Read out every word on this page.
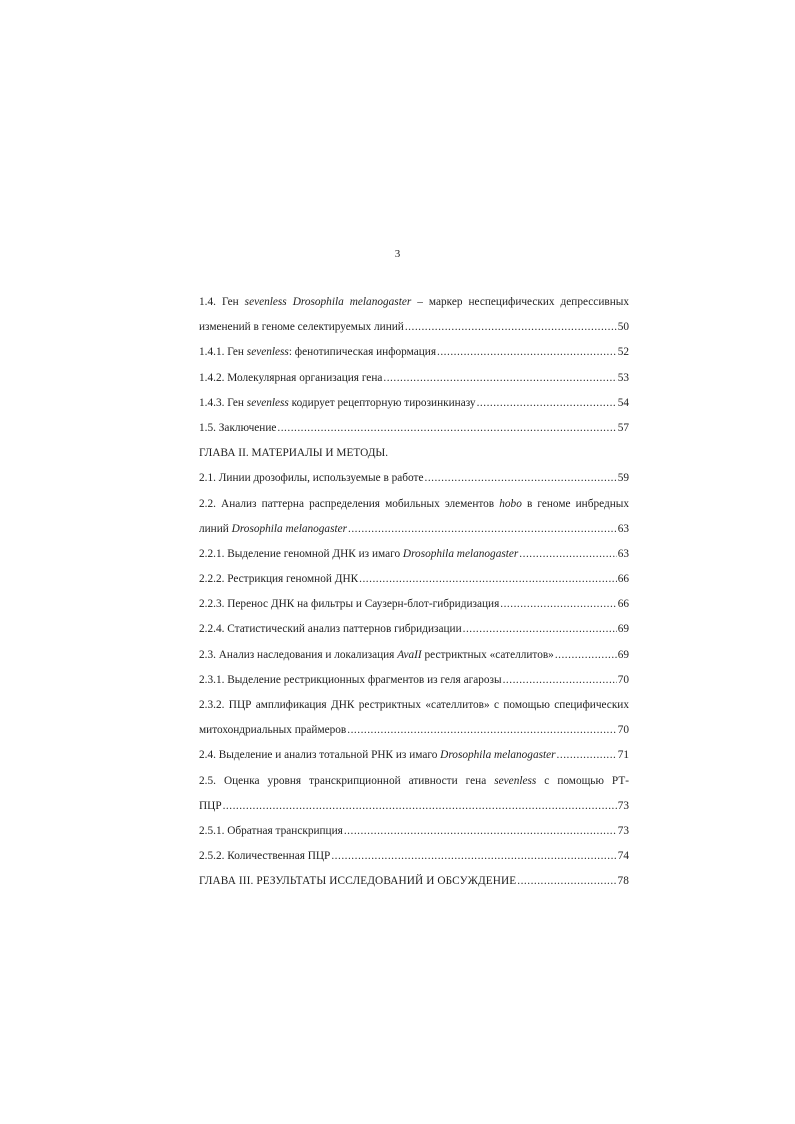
3
1.4. Ген sevenless Drosophila melanogaster – маркер неспецифических депрессивных
изменений в геноме селектируемых линий .....	50
1.4.1. Ген sevenless: фенотипическая информация .....	52
1.4.2. Молекулярная организация гена .....	53
1.4.3. Ген sevenless кодирует рецепторную тирозинкиназу .....	54
1.5. Заключение .....	57
ГЛАВА II. МАТЕРИАЛЫ И МЕТОДЫ.
2.1. Линии дрозофилы, используемые в работе .....	59
2.2. Анализ паттерна распределения мобильных элементов hobo в геноме инбредных
линий Drosophila melanogaster .....	63
2.2.1. Выделение геномной ДНК из имаго Drosophila melanogaster .....	63
2.2.2. Рестрикция геномной ДНК .....	66
2.2.3. Перенос ДНК на фильтры и Саузерн-блот-гибридизация .....	66
2.2.4. Статистический анализ паттернов гибридизации .....	69
2.3. Анализ наследования и локализация AvaII рестриктных «сателлитов» .....	69
2.3.1. Выделение рестрикционных фрагментов из геля агарозы .....	70
2.3.2. ПЦР амплификация ДНК рестриктных «сателлитов» с помощью специфических
митохондриальных праймеров .....	70
2.4. Выделение и анализ тотальной РНК из имаго Drosophila melanogaster .....	71
2.5. Оценка уровня транскрипционной ативности гена sevenless с помощью РТ-
ПЦР .....	73
2.5.1. Обратная транскрипция .....	73
2.5.2. Количественная ПЦР .....	74
ГЛАВА III. РЕЗУЛЬТАТЫ ИССЛЕДОВАНИЙ И ОБСУЖДЕНИЕ .....	78
